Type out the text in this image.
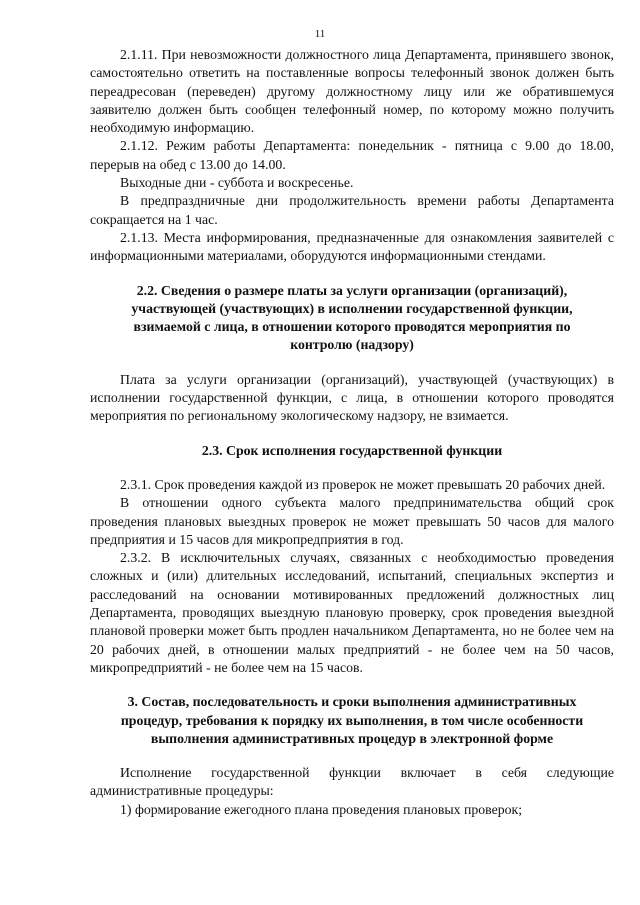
11

2.1.11. При невозможности должностного лица Департамента, принявшего звонок, самостоятельно ответить на поставленные вопросы телефонный звонок должен быть переадресован (переведен) другому должностному лицу или же обратившемуся заявителю должен быть сообщен телефонный номер, по которому можно получить необходимую информацию.

2.1.12. Режим работы Департамента: понедельник - пятница с 9.00 до 18.00, перерыв на обед с 13.00 до 14.00.

Выходные дни - суббота и воскресенье.

В предпраздничные дни продолжительность времени работы Департамента сокращается на 1 час.

2.1.13. Места информирования, предназначенные для ознакомления заявителей с информационными материалами, оборудуются информационными стендами.

2.2. Сведения о размере платы за услуги организации (организаций), участвующей (участвующих) в исполнении государственной функции, взимаемой с лица, в отношении которого проводятся мероприятия по контролю (надзору)

Плата за услуги организации (организаций), участвующей (участвующих) в исполнении государственной функции, с лица, в отношении которого проводятся мероприятия по региональному экологическому надзору, не взимается.

2.3. Срок исполнения государственной функции

2.3.1. Срок проведения каждой из проверок не может превышать 20 рабочих дней.

В отношении одного субъекта малого предпринимательства общий срок проведения плановых выездных проверок не может превышать 50 часов для малого предприятия и 15 часов для микропредприятия в год.

2.3.2. В исключительных случаях, связанных с необходимостью проведения сложных и (или) длительных исследований, испытаний, специальных экспертиз и расследований на основании мотивированных предложений должностных лиц Департамента, проводящих выездную плановую проверку, срок проведения выездной плановой проверки может быть продлен начальником Департамента, но не более чем на 20 рабочих дней, в отношении малых предприятий - не более чем на 50 часов, микропредприятий - не более чем на 15 часов.

3. Состав, последовательность и сроки выполнения административных процедур, требования к порядку их выполнения, в том числе особенности выполнения административных процедур в электронной форме

Исполнение государственной функции включает в себя следующие административные процедуры:

1) формирование ежегодного плана проведения плановых проверок;
